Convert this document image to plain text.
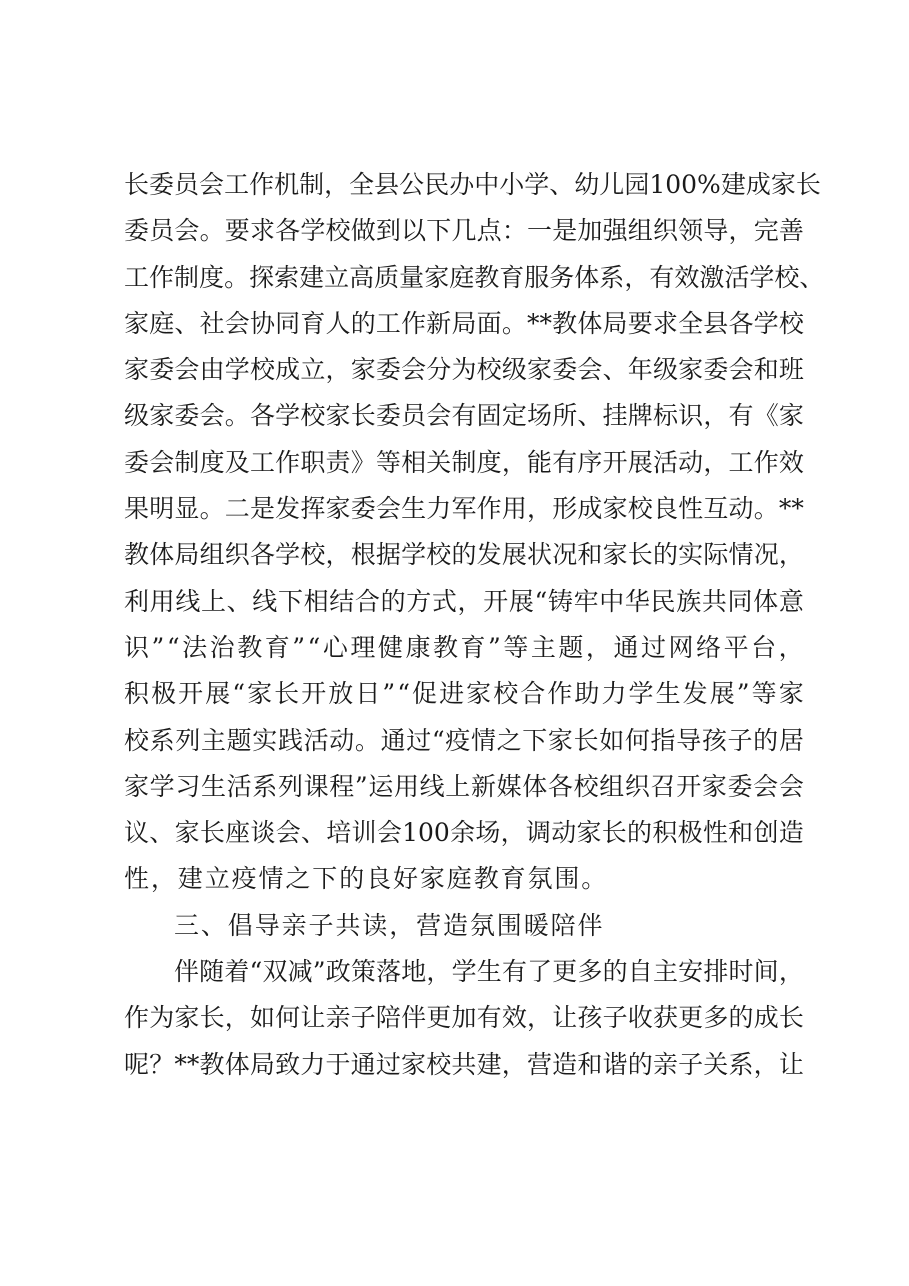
长 委 员 会 工 作 机 制 ， 全 县 公 民 办 中 小 学 、 幼 儿 园 100% 建 成 家 长
委 员 会 。 要 求 各 学 校 做 到 以 下 几 点 ： 一 是 加 强 组 织 领 导 ， 完 善
工 作 制 度 。 探 索 建 立 高 质 量 家 庭 教 育 服 务 体 系 ， 有 效 激 活 学 校 、
家 庭 、 社 会 协 同 育 人 的 工 作 新 局 面 。 ** 教 体 局 要 求 全 县 各 学 校
家 委 会 由 学 校 成 立 ， 家 委 会 分 为 校 级 家 委 会 、 年 级 家 委 会 和 班
级 家 委 会 。 各 学 校 家 长 委 员 会 有 固 定 场 所 、 挂 牌 标 识 ， 有 《 家
委 会 制 度 及 工 作 职 责 》 等 相 关 制 度 ， 能 有 序 开 展 活 动 ， 工 作 效
果 明 显 。 二 是 发 挥 家 委 会 生 力 军 作 用 ， 形 成 家 校 良 性 互 动 。 **
教 体 局 组 织 各 学 校 ， 根 据 学 校 的 发 展 状 况 和 家 长 的 实 际 情 况 ，
利 用 线 上 、 线 下 相 结 合 的 方 式 ， 开 展 “ 铸 牢 中 华 民 族 共 同 体 意
识 ” “ 法 治 教 育 ” “ 心 理 健 康 教 育 ” 等 主 题 ， 通 过 网 络 平 台 ，
积 极 开 展 “ 家 长 开 放 日 ” “ 促 进 家 校 合 作 助 力 学 生 发 展 ” 等 家
校 系 列 主 题 实 践 活 动 。 通 过 “ 疫 情 之 下 家 长 如 何 指 导 孩 子 的 居
家 学 习 生 活 系 列 课 程 ” 运 用 线 上 新 媒 体 各 校 组 织 召 开 家 委 会 会
议 、 家 长 座 谈 会 、 培 训 会 100 余 场 ， 调 动 家 长 的 积 极 性 和 创 造
性，建立疫情之下的良好家庭教育氛围。
三、倡导亲子共读，营造氛围暖陪伴
伴 随 着 “ 双 减 ” 政 策 落 地 ， 学 生 有 了 更 多 的 自 主 安 排 时 间 ，
作 为 家 长 ， 如 何 让 亲 子 陪 伴 更 加 有 效 ， 让 孩 子 收 获 更 多 的 成 长
呢 ？ ** 教 体 局 致 力 于 通 过 家 校 共 建 ， 营 造 和 谐 的 亲 子 关 系 ， 让
